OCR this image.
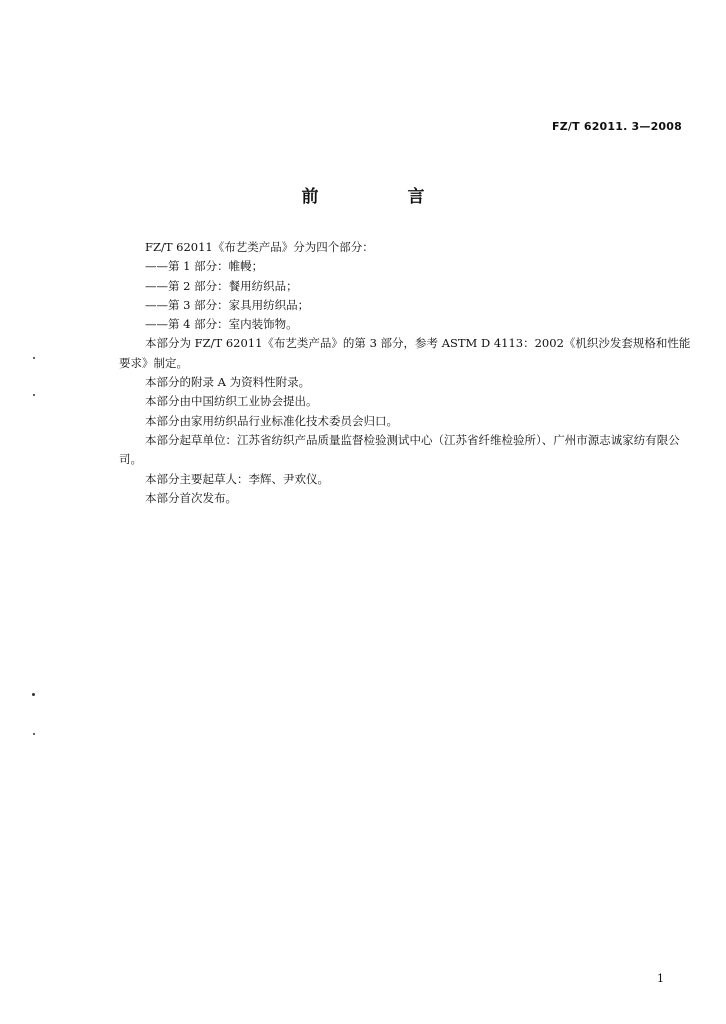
FZ/T 62011. 3—2008
前　言

FZ/T 62011《布艺类产品》分为四个部分：

——第 1 部分：帷幔；

——第 2 部分：餐用纺织品；

——第 3 部分：家具用纺织品；

——第 4 部分：室内装饰物。

本部分为 FZ/T 62011《布艺类产品》的第 3 部分，参考 ASTM D 4113：2002《机织沙发套规格和性能要求》制定。

本部分的附录 A 为资料性附录。

本部分由中国纺织工业协会提出。

本部分由家用纺织品行业标准化技术委员会归口。

本部分起草单位：江苏省纺织产品质量监督检验测试中心（江苏省纤维检验所）、广州市源志诚家纺有限公司。

本部分主要起草人：李辉、尹欢仪。

本部分首次发布。

1
